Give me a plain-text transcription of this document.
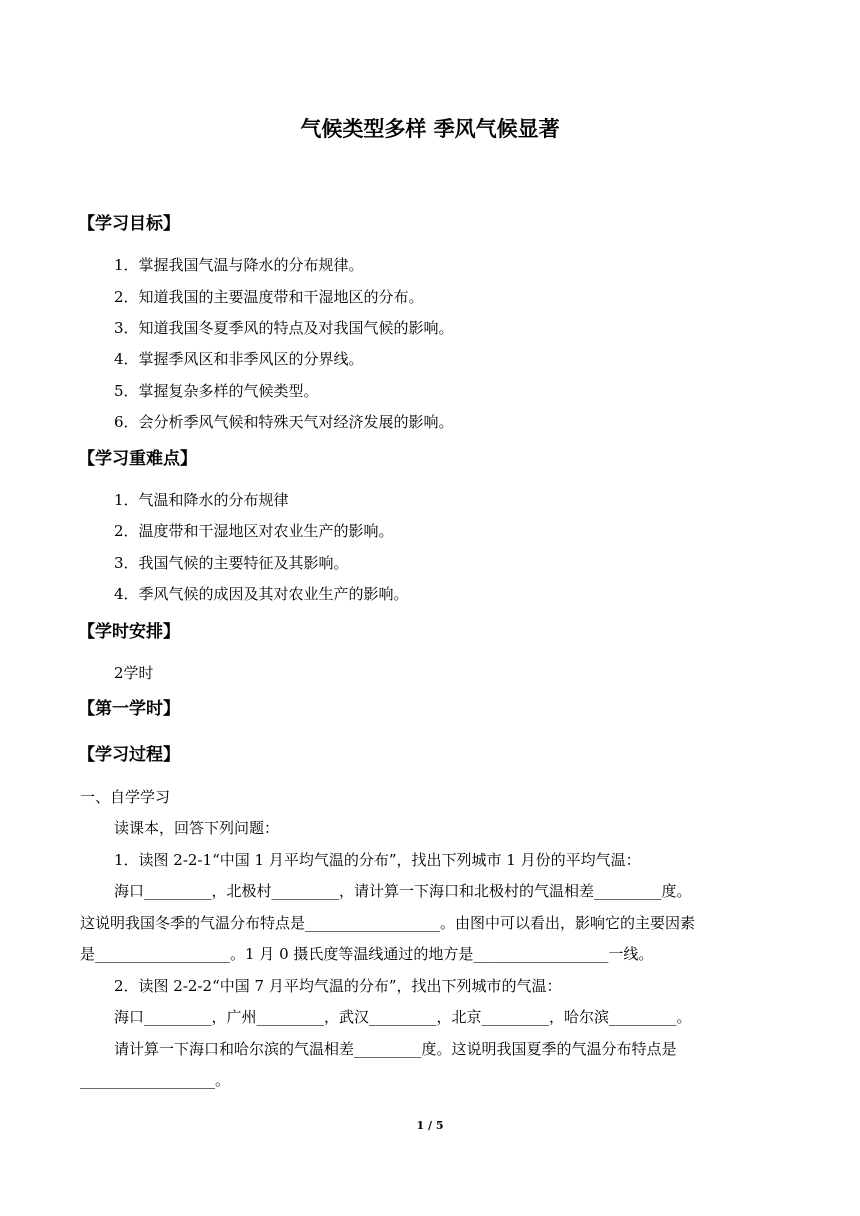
气候类型多样 季风气候显著
【学习目标】

1．掌握我国气温与降水的分布规律。

2．知道我国的主要温度带和干湿地区的分布。

3．知道我国冬夏季风的特点及对我国气候的影响。

4．掌握季风区和非季风区的分界线。

5．掌握复杂多样的气候类型。

6．会分析季风气候和特殊天气对经济发展的影响。

【学习重难点】

1．气温和降水的分布规律

2．温度带和干湿地区对农业生产的影响。

3．我国气候的主要特征及其影响。

4．季风气候的成因及其对农业生产的影响。

【学时安排】

2学时

【第一学时】
【学习过程】

一、自学学习

读课本，回答下列问题：

1．读图 2-2-1“中国 1 月平均气温的分布”，找出下列城市 1 月份的平均气温：

海口_________，北极村_________，请计算一下海口和北极村的气温相差_________度。

这说明我国冬季的气温分布特点是__________________。由图中可以看出，影响它的主要因素

是__________________。1 月 0 摄氏度等温线通过的地方是__________________一线。

2．读图 2-2-2“中国 7 月平均气温的分布”，找出下列城市的气温：

海口_________，广州_________，武汉_________，北京_________，哈尔滨_________。

请计算一下海口和哈尔滨的气温相差_________度。这说明我国夏季的气温分布特点是

__________________。

1 / 5
